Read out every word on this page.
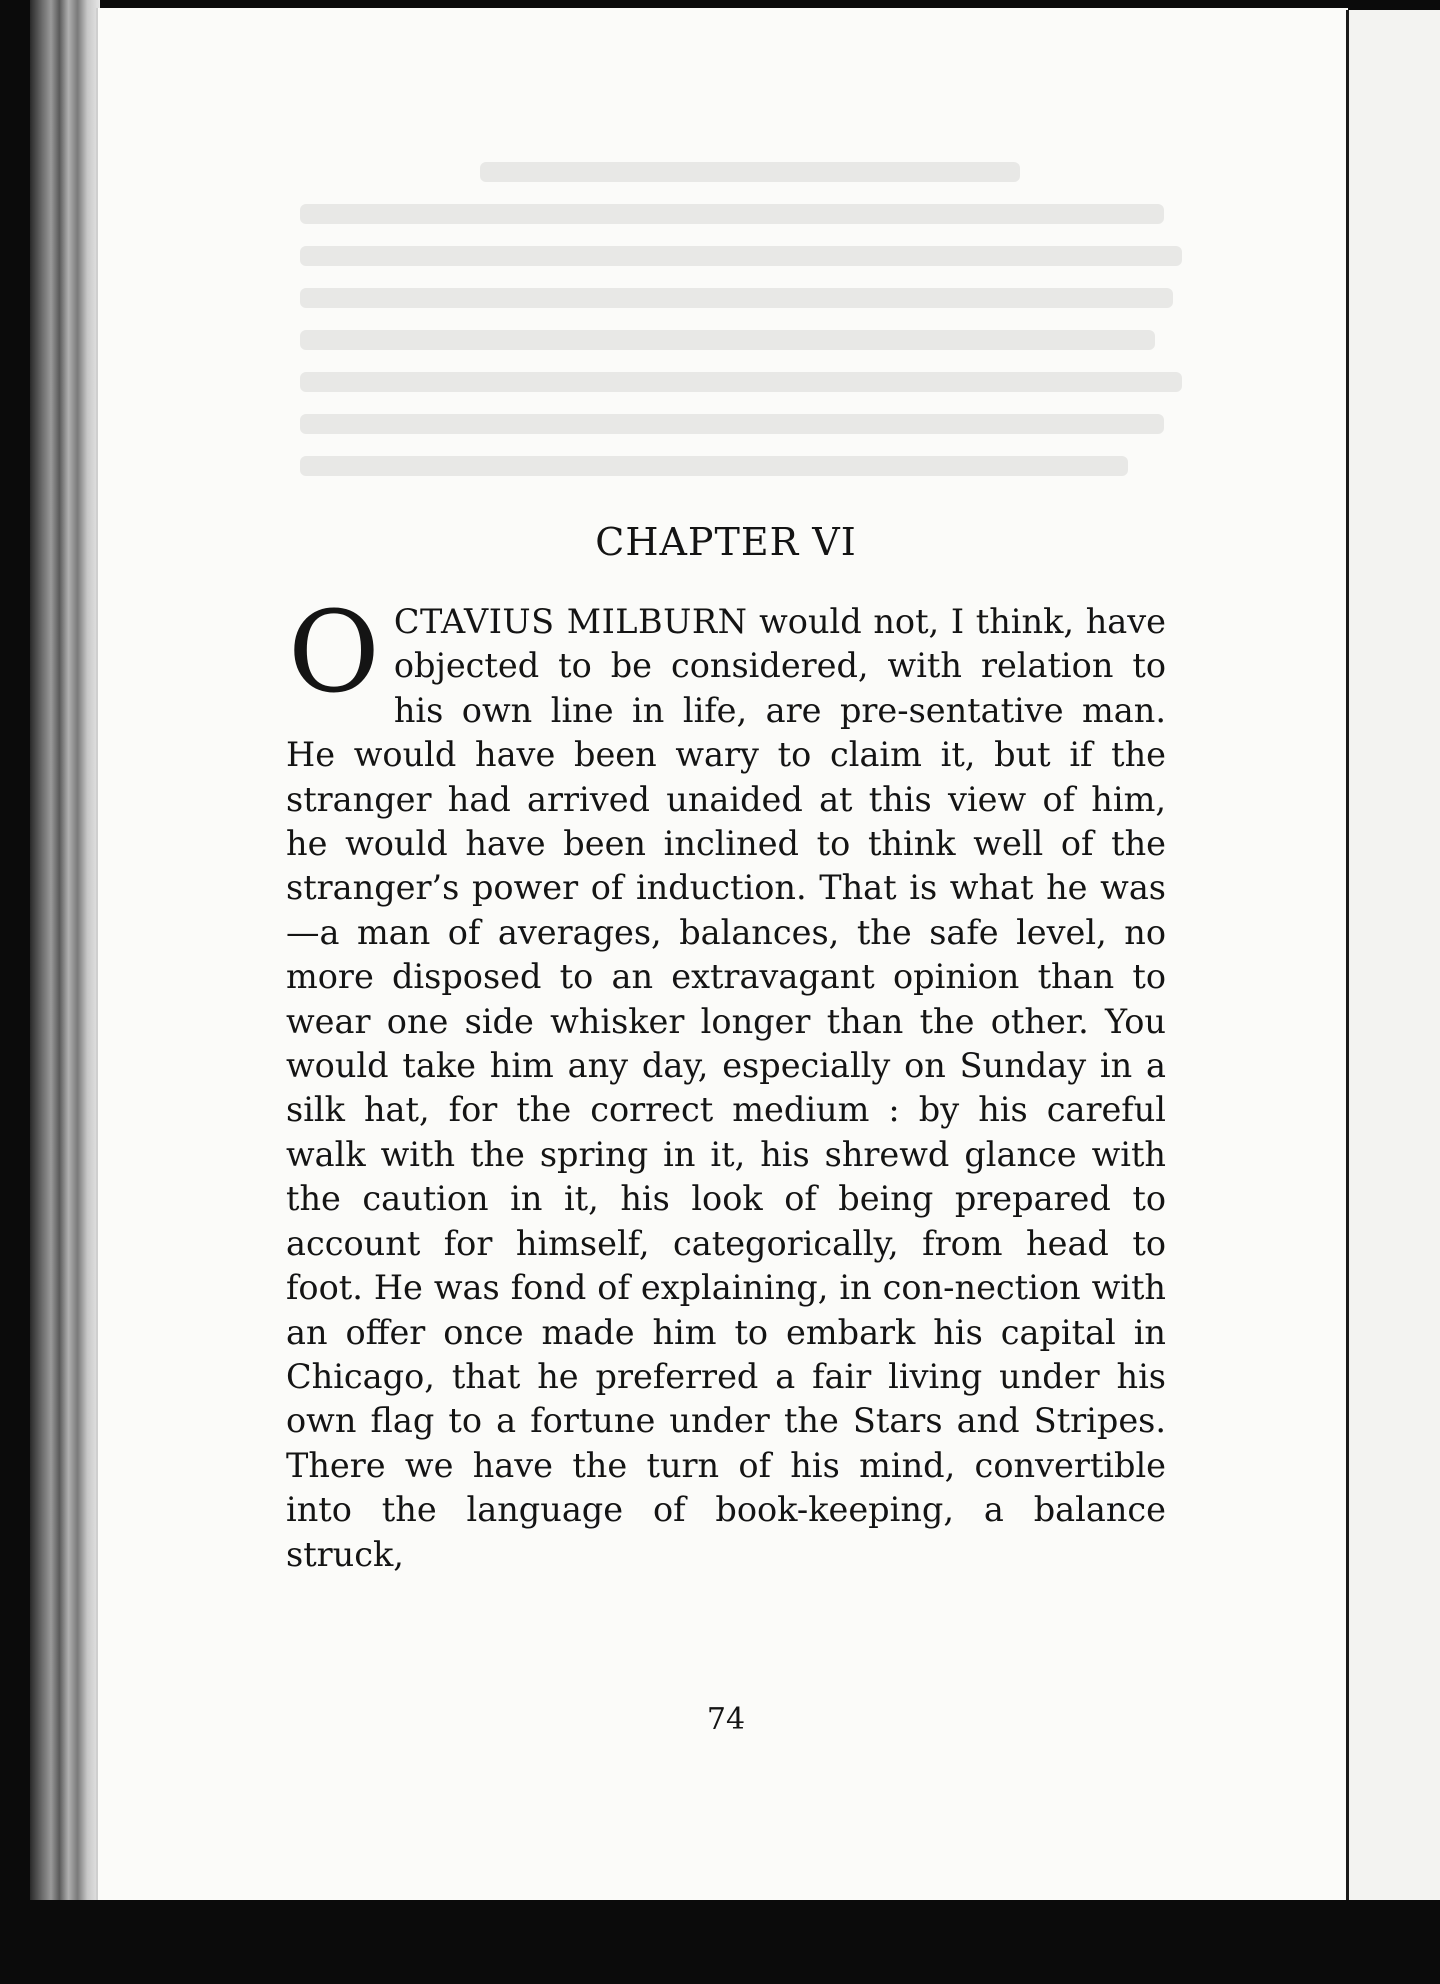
CHAPTER VI

OCTAVIUS MILBURN would not, I think, have objected to be considered, with relation to his own line in life, are pre-sentative man. He would have been wary to claim it, but if the stranger had arrived unaided at this view of him, he would have been inclined to think well of the stranger’s power of induction. That is what he was —a man of averages, balances, the safe level, no more disposed to an extravagant opinion than to wear one side whisker longer than the other. You would take him any day, especially on Sunday in a silk hat, for the correct medium : by his careful walk with the spring in it, his shrewd glance with the caution in it, his look of being prepared to account for himself, categorically, from head to foot. He was fond of explaining, in con-nection with an offer once made him to embark his capital in Chicago, that he preferred a fair living under his own flag to a fortune under the Stars and Stripes. There we have the turn of his mind, convertible into the language of book-keeping, a balance struck,

74
